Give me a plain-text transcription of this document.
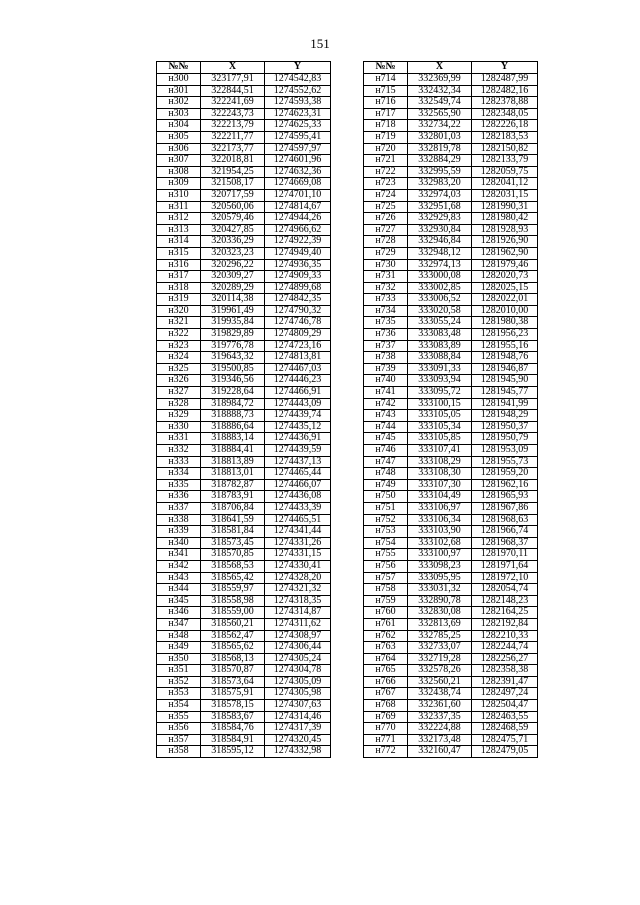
151
№№	X	Y
н300	323177,91	1274542,83
н301	322844,51	1274552,62
н302	322241,69	1274593,38
н303	322243,73	1274623,31
н304	322213,79	1274625,33
н305	322211,77	1274595,41
н306	322173,77	1274597,97
н307	322018,81	1274601,96
н308	321954,25	1274632,36
н309	321508,17	1274669,08
н310	320717,59	1274701,10
н311	320560,06	1274814,67
н312	320579,46	1274944,26
н313	320427,85	1274966,62
н314	320336,29	1274922,39
н315	320323,23	1274949,40
н316	320296,22	1274936,35
н317	320309,27	1274909,33
н318	320289,29	1274899,68
н319	320114,38	1274842,35
н320	319961,49	1274790,32
н321	319935,84	1274746,78
н322	319829,89	1274809,29
н323	319776,78	1274723,16
н324	319643,32	1274813,81
н325	319500,85	1274467,03
н326	319346,56	1274446,23
н327	319228,64	1274466,91
н328	318984,72	1274443,09
н329	318888,73	1274439,74
н330	318886,64	1274435,12
н331	318883,14	1274436,91
н332	318884,41	1274439,59
н333	318813,89	1274437,13
н334	318813,01	1274465,44
н335	318782,87	1274466,07
н336	318783,91	1274436,08
н337	318706,84	1274433,39
н338	318641,59	1274465,51
н339	318581,84	1274341,44
н340	318573,45	1274331,26
н341	318570,85	1274331,15
н342	318568,53	1274330,41
н343	318565,42	1274328,20
н344	318559,97	1274321,32
н345	318558,98	1274318,35
н346	318559,00	1274314,87
н347	318560,21	1274311,62
н348	318562,47	1274308,97
н349	318565,62	1274306,44
н350	318568,13	1274305,24
н351	318570,87	1274304,78
н352	318573,64	1274305,09
н353	318575,91	1274305,98
н354	318578,15	1274307,63
н355	318583,67	1274314,46
н356	318584,76	1274317,39
н357	318584,91	1274320,45
н358	318595,12	1274332,98
№№	X	Y
н714	332369,99	1282487,99
н715	332432,34	1282482,16
н716	332549,74	1282378,88
н717	332565,90	1282348,05
н718	332734,22	1282226,18
н719	332801,03	1282183,53
н720	332819,78	1282150,82
н721	332884,29	1282133,79
н722	332995,59	1282059,75
н723	332983,20	1282041,12
н724	332974,03	1282031,15
н725	332951,68	1281990,31
н726	332929,83	1281980,42
н727	332930,84	1281928,93
н728	332946,84	1281926,90
н729	332948,12	1281962,90
н730	332974,13	1281979,46
н731	333000,08	1282020,73
н732	333002,85	1282025,15
н733	333006,52	1282022,01
н734	333020,58	1282010,00
н735	333055,24	1281980,38
н736	333083,48	1281956,23
н737	333083,89	1281955,16
н738	333088,84	1281948,76
н739	333091,33	1281946,87
н740	333093,94	1281945,90
н741	333095,72	1281945,77
н742	333100,15	1281941,99
н743	333105,05	1281948,29
н744	333105,34	1281950,37
н745	333105,85	1281950,79
н746	333107,41	1281953,09
н747	333108,29	1281955,73
н748	333108,30	1281959,20
н749	333107,30	1281962,16
н750	333104,49	1281965,93
н751	333106,97	1281967,86
н752	333106,34	1281968,63
н753	333103,90	1281966,74
н754	333102,68	1281968,37
н755	333100,97	1281970,11
н756	333098,23	1281971,64
н757	333095,95	1281972,10
н758	333031,32	1282054,74
н759	332890,78	1282148,23
н760	332830,08	1282164,25
н761	332813,69	1282192,84
н762	332785,25	1282210,33
н763	332733,07	1282244,74
н764	332719,28	1282256,27
н765	332578,26	1282358,38
н766	332560,21	1282391,47
н767	332438,74	1282497,24
н768	332361,60	1282504,47
н769	332337,35	1282463,55
н770	332224,88	1282468,59
н771	332173,48	1282475,71
н772	332160,47	1282479,05
